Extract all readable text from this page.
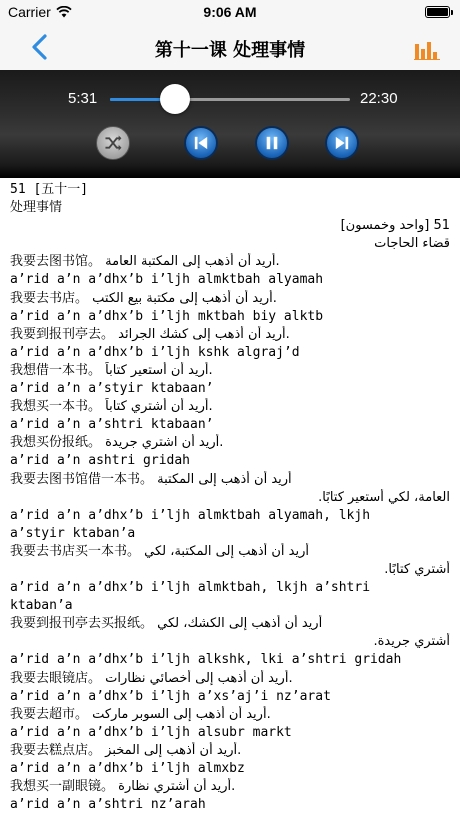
Carrier	9:06 AM
第十一课 处理事情
5:31	22:30
51 [五十一]
处理事情
51 [واحد وخمسون]
قضاء الحاجات
我要去图书馆。 أريد أن أذهب إلى المكتبة العامة.
a’rid a’n a’dhx’b i’ljh almktbah alyamah
我要去书店。 أريد أن أذهب إلى مكتبة بيع الكتب.
a’rid a’n a’dhx’b i’ljh mktbah biy alktb
我要到报刊亭去。 أريد أن أذهب إلى كشك الجرائد.
a’rid a’n a’dhx’b i’ljh kshk algraj’d
我想借一本书。 أريد أن أستعير كتاباً.
a’rid a’n a’styir ktabaan’
我想买一本书。 أريد أن أشتري كتاباً.
a’rid a’n a’shtri ktabaan’
我想买份报纸。 أريد أن اشتري جريدة.
a’rid a’n ashtri gridah
我要去图书馆借一本书。 أريد أن أذهب إلى المكتبة
العامة، لكي أستعير كتابًا.
a’rid a’n a’dhx’b i’ljh almktbah alyamah, lkjh
a’styir ktaban’a
我要去书店买一本书。 أريد أن أذهب إلى المكتبة، لكي
أشتري كتابًا.
a’rid a’n a’dhx’b i’ljh almktbah, lkjh a’shtri
ktaban’a
我要到报刊亭去买报纸。 أريد أن أذهب إلى الكشك، لكي
أشتري جريدة.
a’rid a’n a’dhx’b i’ljh alkshk, lki a’shtri gridah
我要去眼镜店。 أريد أن أذهب إلى أخصائي نظارات.
a’rid a’n a’dhx’b i’ljh a’xs’aj’i nz’arat
我要去超市。 أريد أن أذهب إلى السوبر ماركت.
a’rid a’n a’dhx’b i’ljh alsubr markt
我要去糕点店。 أريد أن أذهب إلى المخبز.
a’rid a’n a’dhx’b i’ljh almxbz
我想买一副眼镜。 أريد أن أشتري نظارة.
a’rid a’n a’shtri nz’arah
